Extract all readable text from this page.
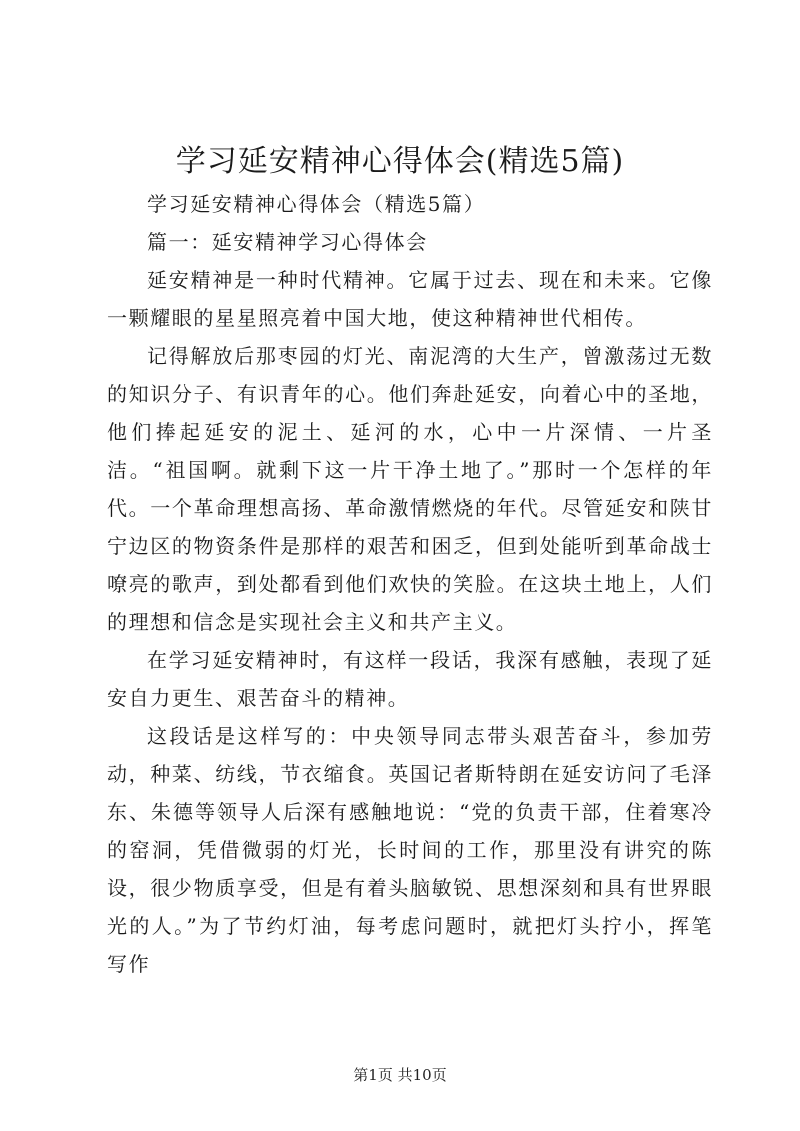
学习延安精神心得体会(精选5篇)

学习延安精神心得体会（精选5篇）

篇一：延安精神学习心得体会

延安精神是一种时代精神。它属于过去、现在和未来。它像一颗耀眼的星星照亮着中国大地，使这种精神世代相传。

记得解放后那枣园的灯光、南泥湾的大生产，曾激荡过无数的知识分子、有识青年的心。他们奔赴延安，向着心中的圣地，他们捧起延安的泥土、延河的水，心中一片深情、一片圣洁。“祖国啊。就剩下这一片干净土地了。”那时一个怎样的年代。一个革命理想高扬、革命激情燃烧的年代。尽管延安和陕甘宁边区的物资条件是那样的艰苦和困乏，但到处能听到革命战士嘹亮的歌声，到处都看到他们欢快的笑脸。在这块土地上，人们的理想和信念是实现社会主义和共产主义。

在学习延安精神时，有这样一段话，我深有感触，表现了延安自力更生、艰苦奋斗的精神。

这段话是这样写的：中央领导同志带头艰苦奋斗，参加劳动，种菜、纺线，节衣缩食。英国记者斯特朗在延安访问了毛泽东、朱德等领导人后深有感触地说：“党的负责干部，住着寒冷的窑洞，凭借微弱的灯光，长时间的工作，那里没有讲究的陈设，很少物质享受，但是有着头脑敏锐、思想深刻和具有世界眼光的人。”为了节约灯油，每考虑问题时，就把灯头拧小，挥笔写作

第1页 共10页
